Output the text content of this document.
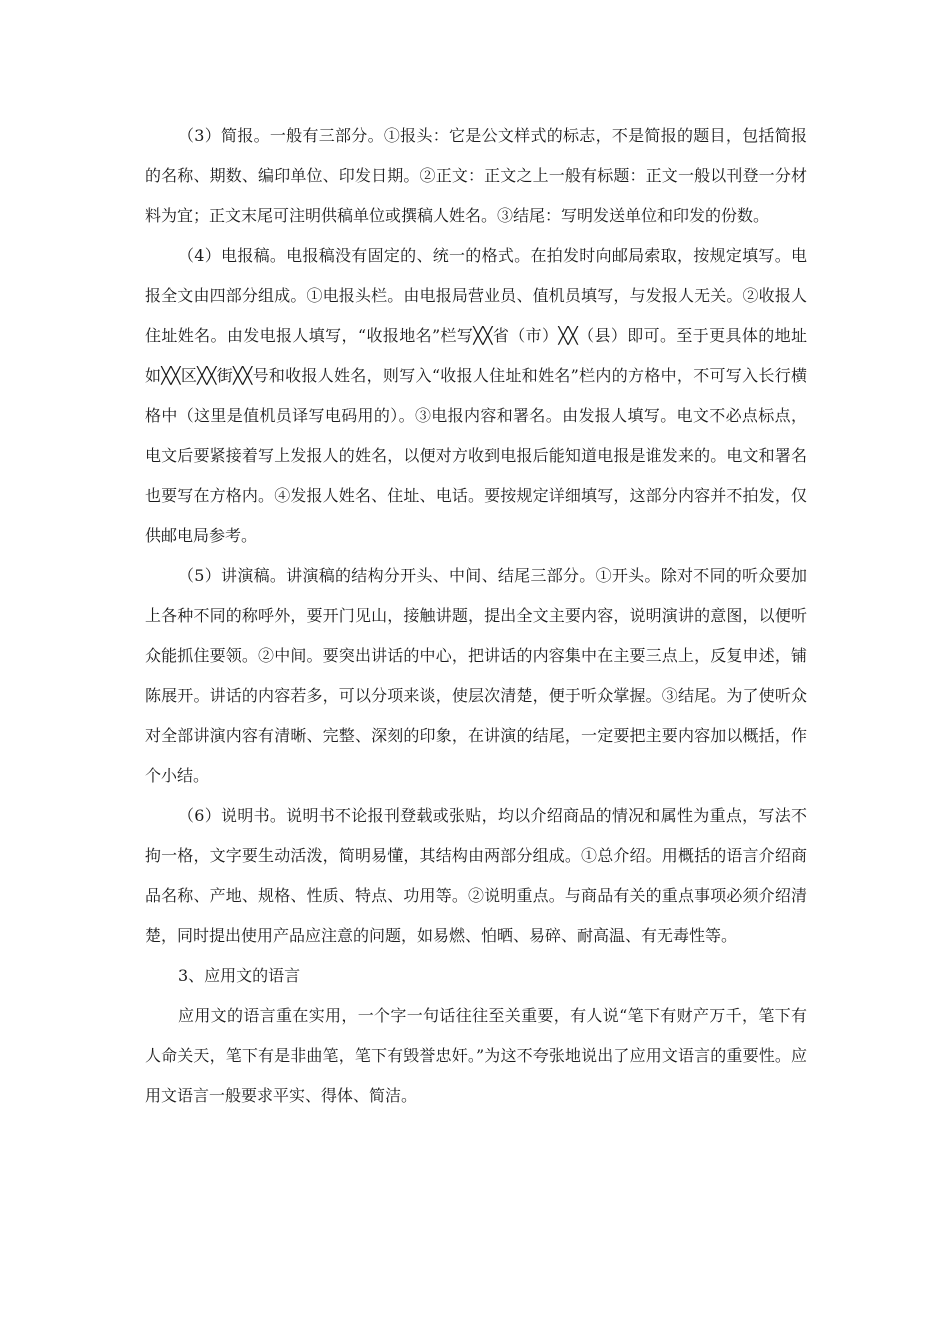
（3）简报。一般有三部分。①报头：它是公文样式的标志，不是简报的题目，包括简报的名称、期数、编印单位、印发日期。②正文：正文之上一般有标题：正文一般以刊登一分材料为宜；正文末尾可注明供稿单位或撰稿人姓名。③结尾：写明发送单位和印发的份数。

（4）电报稿。电报稿没有固定的、统一的格式。在拍发时向邮局索取，按规定填写。电报全文由四部分组成。①电报头栏。由电报局营业员、值机员填写，与发报人无关。②收报人住址姓名。由发电报人填写，“收报地名”栏写╳╳省（市）╳╳（县）即可。至于更具体的地址如╳╳区╳╳街╳╳号和收报人姓名，则写入“收报人住址和姓名”栏内的方格中，不可写入长行横格中（这里是值机员译写电码用的）。③电报内容和署名。由发报人填写。电文不必点标点，电文后要紧接着写上发报人的姓名，以便对方收到电报后能知道电报是谁发来的。电文和署名也要写在方格内。④发报人姓名、住址、电话。要按规定详细填写，这部分内容并不拍发，仅供邮电局参考。

（5）讲演稿。讲演稿的结构分开头、中间、结尾三部分。①开头。除对不同的听众要加上各种不同的称呼外，要开门见山，接触讲题，提出全文主要内容，说明演讲的意图，以便听众能抓住要领。②中间。要突出讲话的中心，把讲话的内容集中在主要三点上，反复申述，铺陈展开。讲话的内容若多，可以分项来谈，使层次清楚，便于听众掌握。③结尾。为了使听众对全部讲演内容有清晰、完整、深刻的印象，在讲演的结尾，一定要把主要内容加以概括，作个小结。

（6）说明书。说明书不论报刊登载或张贴，均以介绍商品的情况和属性为重点，写法不拘一格，文字要生动活泼，简明易懂，其结构由两部分组成。①总介绍。用概括的语言介绍商品名称、产地、规格、性质、特点、功用等。②说明重点。与商品有关的重点事项必须介绍清楚，同时提出使用产品应注意的问题，如易燃、怕晒、易碎、耐高温、有无毒性等。

3、应用文的语言

应用文的语言重在实用，一个字一句话往往至关重要，有人说“笔下有财产万千，笔下有人命关天，笔下有是非曲笔，笔下有毁誉忠奸。”为这不夸张地说出了应用文语言的重要性。应用文语言一般要求平实、得体、简洁。
